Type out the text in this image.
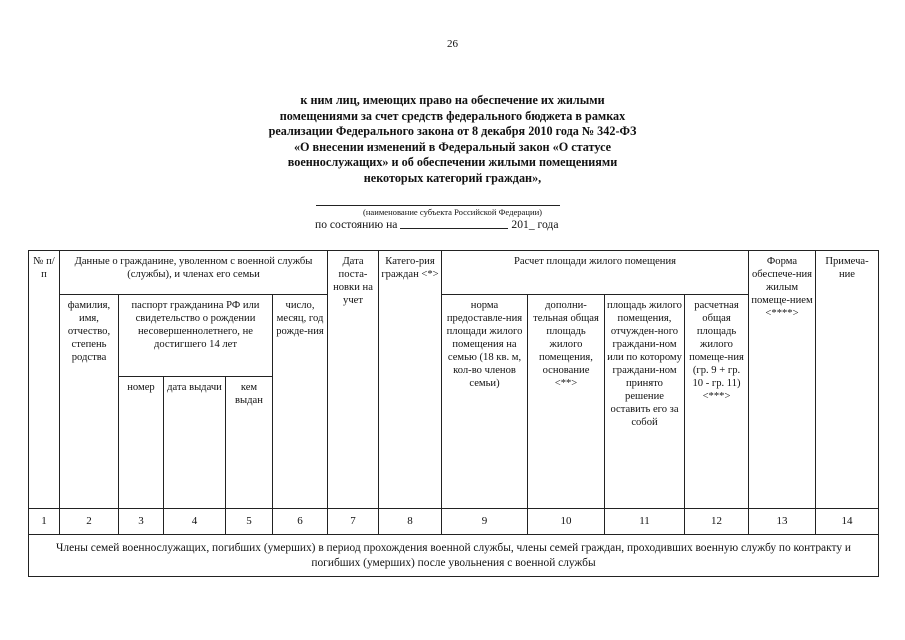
26
к ним лиц, имеющих право на обеспечение их жилыми
помещениями за счет средств федерального бюджета в рамках
реализации Федерального закона от 8 декабря 2010 года № 342-ФЗ
«О внесении изменений в Федеральный закон «О статусе
военнослужащих» и об обеспечении жилыми помещениями
некоторых категорий граждан»,
(наименование субъекта Российской Федерации)
по состоянию на	201_ года
№ п/п	Данные о гражданине, уволенном с военной службы (службы), и членах его семьи					Дата поста-новки на учет	Катего-рия граждан <*>	Расчет площади жилого помещения				Форма обеспече-ния жилым помеще-нием <****>	Примеча-ние
	фамилия, имя, отчество, степень родства	паспорт гражданина РФ или свидетельство о рождении несовершеннолетнего, не достигшего 14 лет			число, месяц, год рожде-ния			норма предоставле-ния площади жилого помещения на семью (18 кв. м, кол-во членов семьи)	дополни-тельная общая площадь жилого помещения, основание <**>	площадь жилого помещения, отчужден-ного граждани-ном или по которому граждани-ном принято решение оставить его за собой	расчетная общая площадь жилого помеще-ния (гр. 9 + гр. 10 - гр. 11) <***>		
		номер	дата выдачи	кем выдан									
1	2	3	4	5	6	7	8	9	10	11	12	13	14
Члены семей военнослужащих, погибших (умерших) в период прохождения военной службы, члены семей граждан, проходивших военную службу по контракту и погибших (умерших) после увольнения с военной службы													
